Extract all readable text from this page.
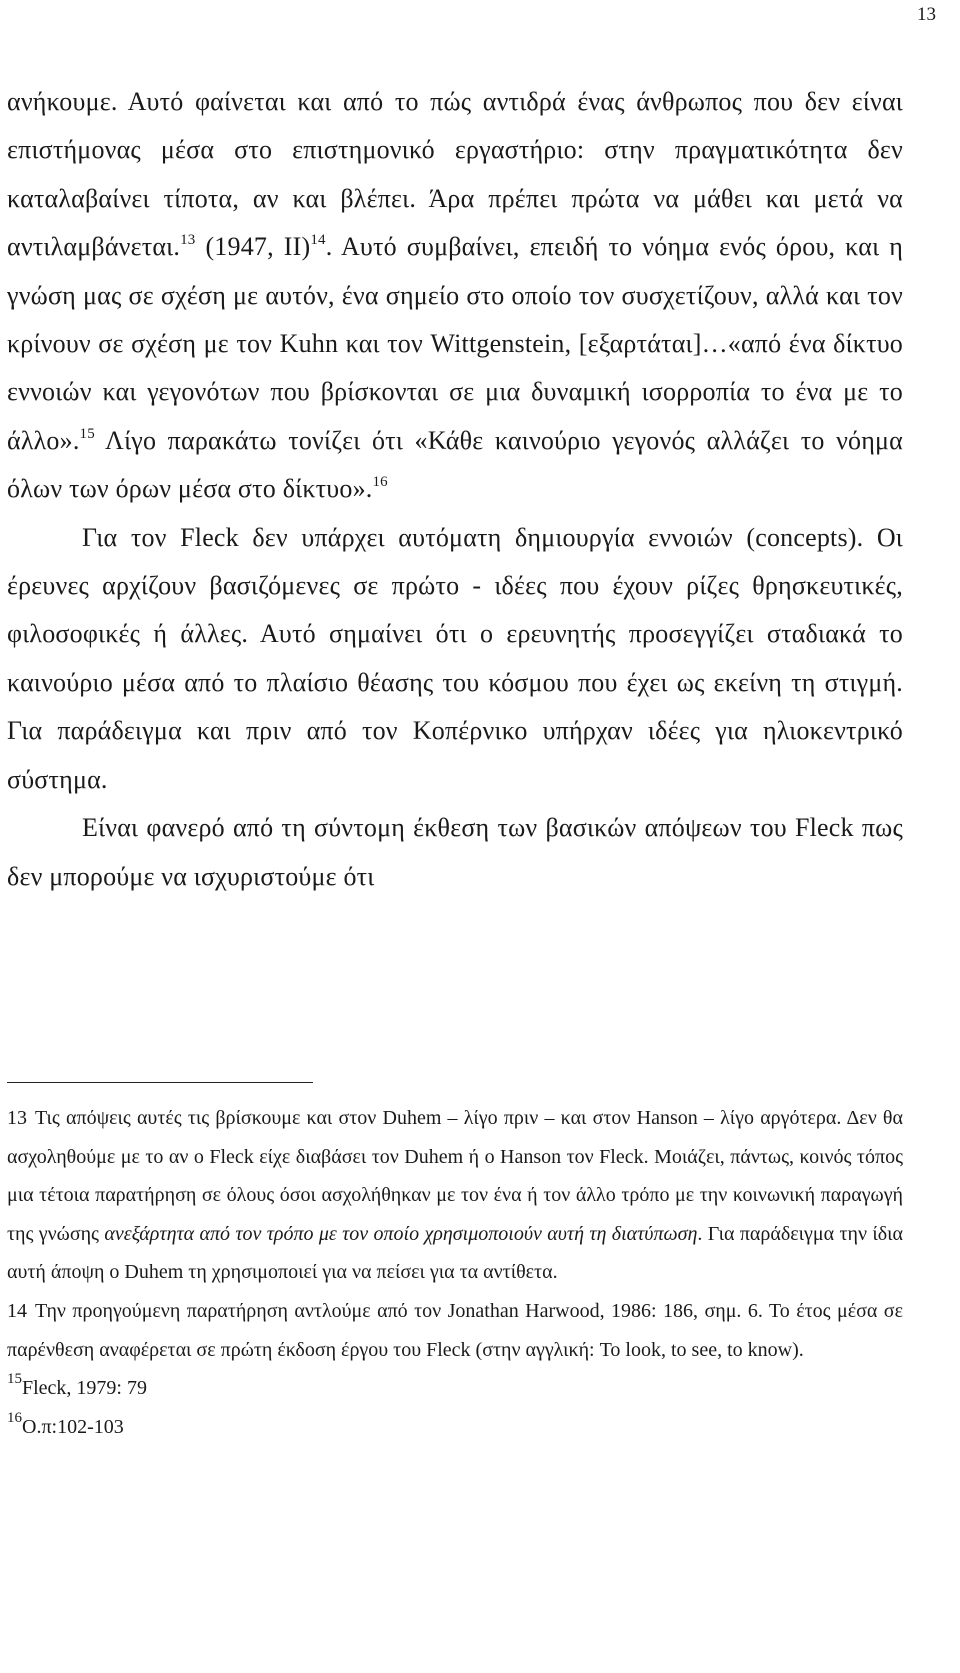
13

ανήκουμε. Αυτό φαίνεται και από το πώς αντιδρά ένας άνθρωπος που δεν είναι επιστήμονας μέσα στο επιστημονικό εργαστήριο: στην πραγματικότητα δεν καταλαβαίνει τίποτα, αν και βλέπει. Άρα πρέπει πρώτα να μάθει και μετά να αντιλαμβάνεται.$^{13}$ (1947, II)$^{14}$. Αυτό συμβαίνει, επειδή το νόημα ενός όρου, και η γνώση μας σε σχέση με αυτόν, ένα σημείο στο οποίο τον συσχετίζουν, αλλά και τον κρίνουν σε σχέση με τον Kuhn και τον Wittgenstein, [εξαρτάται]…«από ένα δίκτυο εννοιών και γεγονότων που βρίσκονται σε μια δυναμική ισορροπία το ένα με το άλλο».$^{15}$ Λίγο παρακάτω τονίζει ότι «Κάθε καινούριο γεγονός αλλάζει το νόημα όλων των όρων μέσα στο δίκτυο».$^{16}$

Για τον Fleck δεν υπάρχει αυτόματη δημιουργία εννοιών (concepts). Οι έρευνες αρχίζουν βασιζόμενες σε πρώτο - ιδέες που έχουν ρίζες θρησκευτικές, φιλοσοφικές ή άλλες. Αυτό σημαίνει ότι ο ερευνητής προσεγγίζει σταδιακά το καινούριο μέσα από το πλαίσιο θέασης του κόσμου που έχει ως εκείνη τη στιγμή. Για παράδειγμα και πριν από τον Κοπέρνικο υπήρχαν ιδέες για ηλιοκεντρικό σύστημα.

Είναι φανερό από τη σύντομη έκθεση των βασικών απόψεων του Fleck πως δεν μπορούμε να ισχυριστούμε ότι

13 Τις απόψεις αυτές τις βρίσκουμε και στον Duhem – λίγο πριν – και στον Hanson – λίγο αργότερα. Δεν θα ασχοληθούμε με το αν ο Fleck είχε διαβάσει τον Duhem ή ο Hanson τον Fleck. Μοιάζει, πάντως, κοινός τόπος μια τέτοια παρατήρηση σε όλους όσοι ασχολήθηκαν με τον ένα ή τον άλλο τρόπο με την κοινωνική παραγωγή της γνώσης ανεξάρτητα από τον τρόπο με τον οποίο χρησιμοποιούν αυτή τη διατύπωση. Για παράδειγμα την ίδια αυτή άποψη ο Duhem τη χρησιμοποιεί για να πείσει για τα αντίθετα.

14 Την προηγούμενη παρατήρηση αντλούμε από τον Jonathan Harwood, 1986: 186, σημ. 6. Το έτος μέσα σε παρένθεση αναφέρεται σε πρώτη έκδοση έργου του Fleck (στην αγγλική: To look, to see, to know).

$^{15}$Fleck, 1979: 79

$^{16}$Ο.π:102-103
